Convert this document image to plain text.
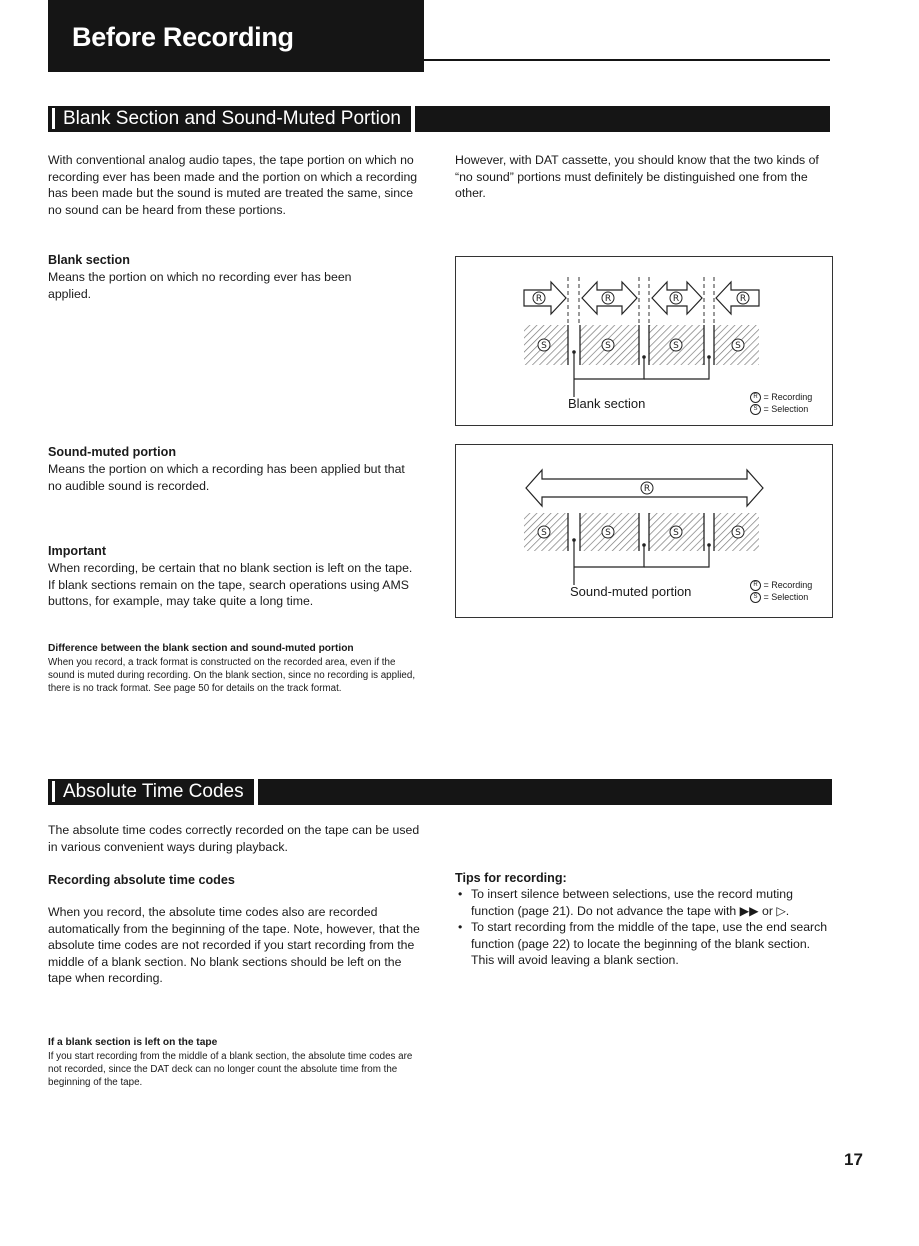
Before Recording
Blank Section and Sound-Muted Portion

With conventional analog audio tapes, the tape portion on which no recording ever has been made and the portion on which a recording has been made but the sound is muted are treated the same, since no sound can be heard from these portions.

However, with DAT cassette, you should know that the two kinds of “no sound” portions must definitely be distinguished one from the other.

Blank section

Means the portion on which no recording ever has been applied.	R	R	R	R
S	S	S	S
Blank section	R = Recording
S = Selection

Sound-muted portion

Means the portion on which a recording has been applied but that no audible sound is recorded.	R
S	S	S	S
Sound-muted portion	R = Recording
S = Selection

Important

When recording, be certain that no blank section is left on the tape. If blank sections remain on the tape, search operations using AMS buttons, for example, may take quite a long time.

Difference between the blank section and sound-muted portion

When you record, a track format is constructed on the recorded area, even if the sound is muted during recording. On the blank section, since no recording is applied, there is no track format. See page 50 for details on the track format.

Absolute Time Codes

The absolute time codes correctly recorded on the tape can be used in various convenient ways during playback.

Recording absolute time codes

When you record, the absolute time codes also are recorded automatically from the beginning of the tape. Note, however, that the absolute time codes are not recorded if you start recording from the middle of a blank section. No blank sections should be left on the tape when recording.

Tips for recording:

• To insert silence between selections, use the record muting function (page 21). Do not advance the tape with ▶▶ or ▷.
• To start recording from the middle of the tape, use the end search function (page 22) to locate the beginning of the blank section. This will avoid leaving a blank section.

If a blank section is left on the tape

If you start recording from the middle of a blank section, the absolute time codes are not recorded, since the DAT deck can no longer count the absolute time from the beginning of the tape.

17
